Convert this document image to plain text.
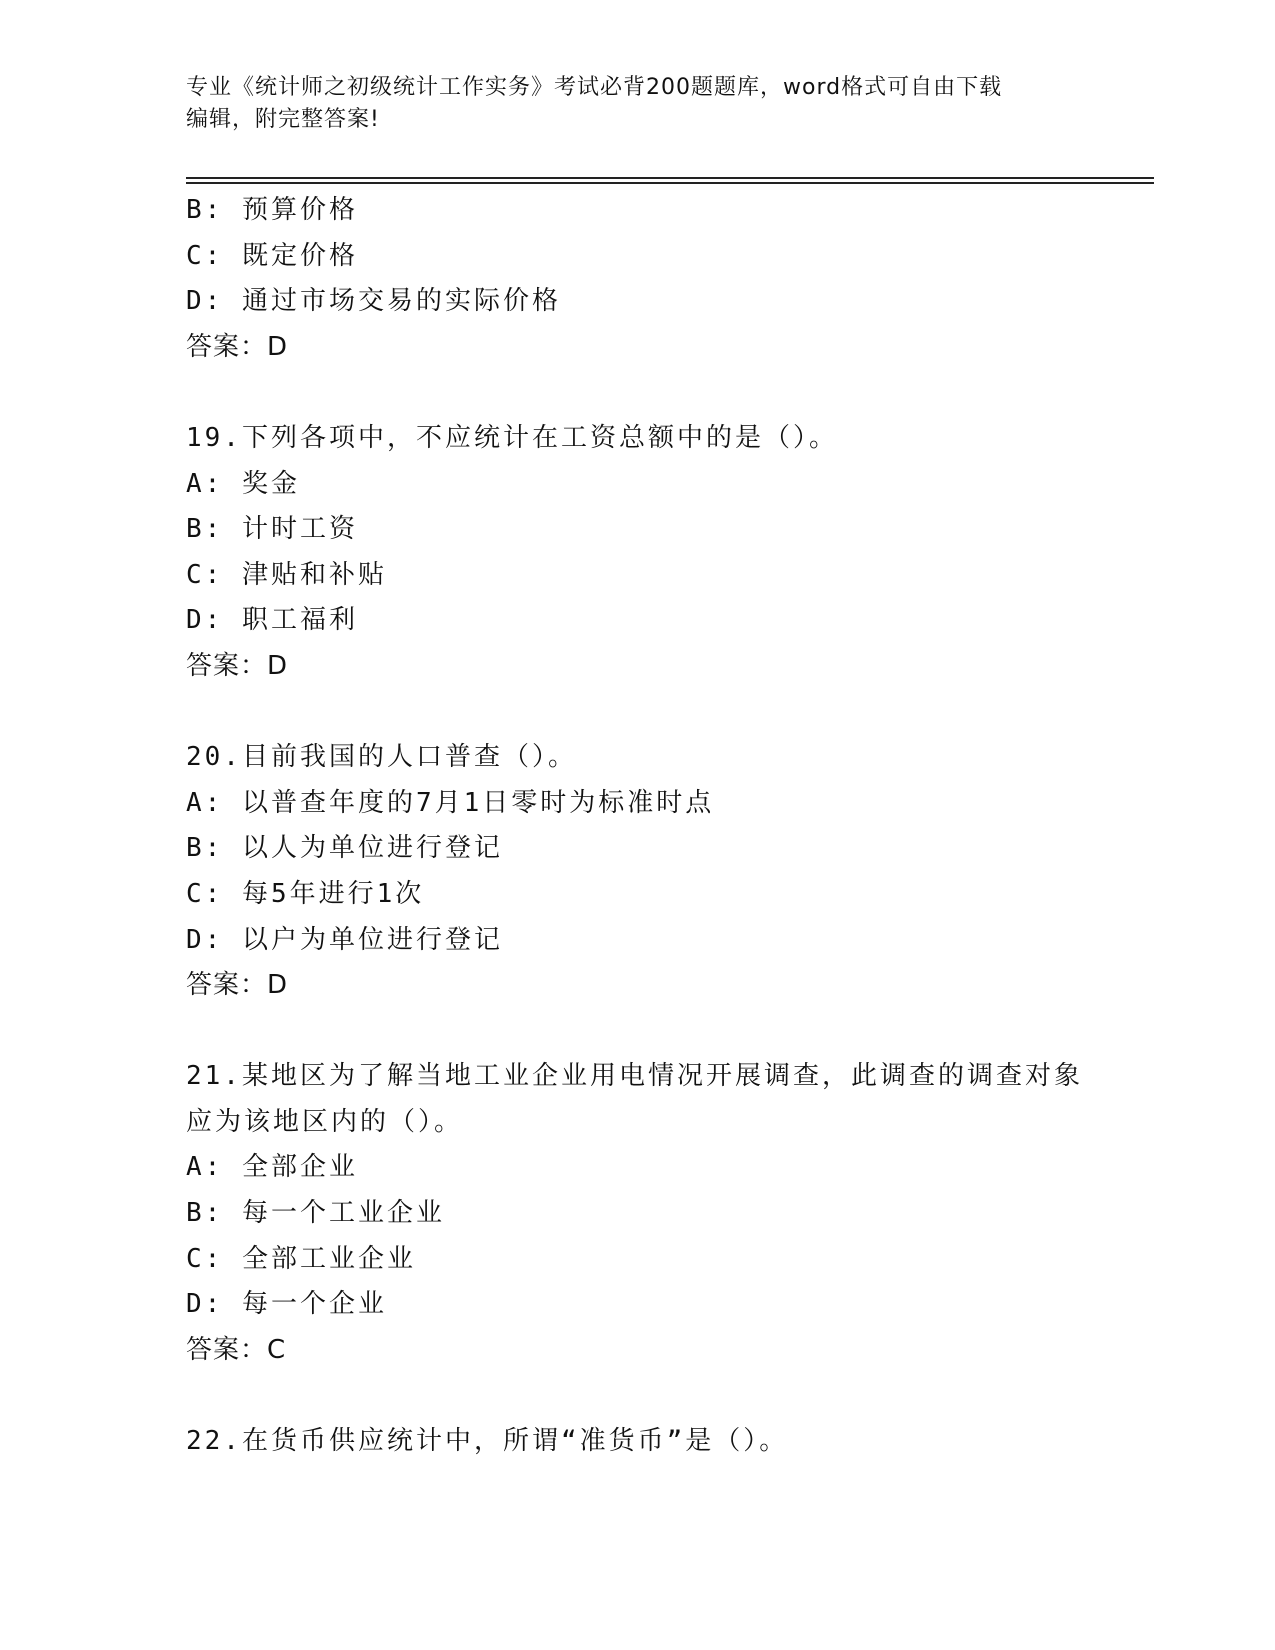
专业《统计师之初级统计工作实务》考试必背200题题库，word格式可自由下载
编辑，附完整答案!
B: 预算价格
C: 既定价格
D: 通过市场交易的实际价格
答案：D
19.下列各项中，不应统计在工资总额中的是（）。
A: 奖金
B: 计时工资
C: 津贴和补贴
D: 职工福利
答案：D
20.目前我国的人口普查（）。
A: 以普查年度的7月1日零时为标准时点
B: 以人为单位进行登记
C: 每5年进行1次
D: 以户为单位进行登记
答案：D
21.某地区为了解当地工业企业用电情况开展调查，此调查的调查对象
应为该地区内的（）。
A: 全部企业
B: 每一个工业企业
C: 全部工业企业
D: 每一个企业
答案：C
22.在货币供应统计中，所谓“准货币”是（）。
